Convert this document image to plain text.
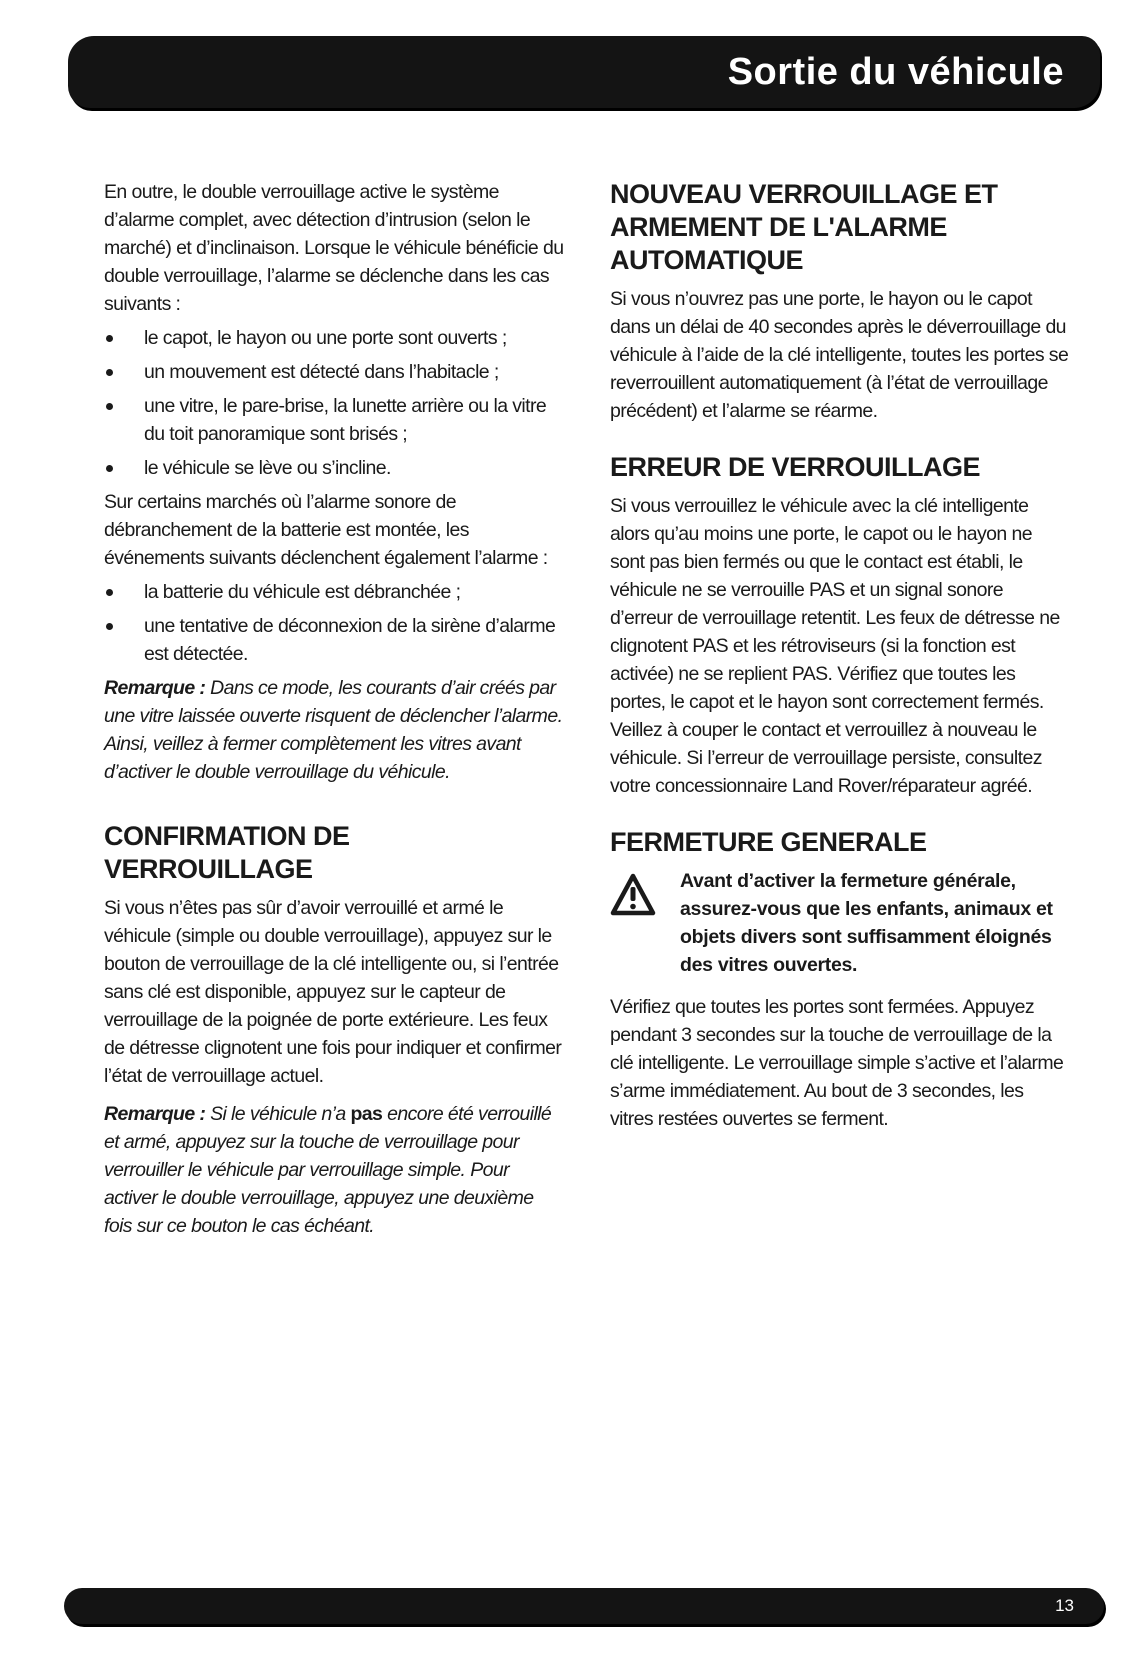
Sortie du véhicule

En outre, le double verrouillage active le système d’alarme complet, avec détection d’intrusion (selon le marché) et d’inclinaison. Lorsque le véhicule bénéficie du double verrouillage, l’alarme se déclenche dans les cas suivants :

le capot, le hayon ou une porte sont ouverts ;
un mouvement est détecté dans l’habitacle ;
une vitre, le pare-brise, la lunette arrière ou la vitre du toit panoramique sont brisés ;
le véhicule se lève ou s’incline.

Sur certains marchés où l’alarme sonore de débranchement de la batterie est montée, les événements suivants déclenchent également l’alarme :

la batterie du véhicule est débranchée ;
une tentative de déconnexion de la sirène d’alarme est détectée.

Remarque : Dans ce mode, les courants d’air créés par une vitre laissée ouverte risquent de déclencher l’alarme. Ainsi, veillez à fermer complètement les vitres avant d’activer le double verrouillage du véhicule.

CONFIRMATION DE VERROUILLAGE

Si vous n’êtes pas sûr d’avoir verrouillé et armé le véhicule (simple ou double verrouillage), appuyez sur le bouton de verrouillage de la clé intelligente ou, si l’entrée sans clé est disponible, appuyez sur le capteur de verrouillage de la poignée de porte extérieure. Les feux de détresse clignotent une fois pour indiquer et confirmer l’état de verrouillage actuel.

Remarque : Si le véhicule n’a pas encore été verrouillé et armé, appuyez sur la touche de verrouillage pour verrouiller le véhicule par verrouillage simple. Pour activer le double verrouillage, appuyez une deuxième fois sur ce bouton le cas échéant.

NOUVEAU VERROUILLAGE ET ARMEMENT DE L'ALARME AUTOMATIQUE

Si vous n’ouvrez pas une porte, le hayon ou le capot dans un délai de 40 secondes après le déverrouillage du véhicule à l’aide de la clé intelligente, toutes les portes se reverrouillent automatiquement (à l’état de verrouillage précédent) et l’alarme se réarme.

ERREUR DE VERROUILLAGE

Si vous verrouillez le véhicule avec la clé intelligente alors qu’au moins une porte, le capot ou le hayon ne sont pas bien fermés ou que le contact est établi, le véhicule ne se verrouille PAS et un signal sonore d’erreur de verrouillage retentit. Les feux de détresse ne clignotent PAS et les rétroviseurs (si la fonction est activée) ne se replient PAS. Vérifiez que toutes les portes, le capot et le hayon sont correctement fermés. Veillez à couper le contact et verrouillez à nouveau le véhicule. Si l’erreur de verrouillage persiste, consultez votre concessionnaire Land Rover/réparateur agréé.

FERMETURE GENERALE

Avant d’activer la fermeture générale, assurez-vous que les enfants, animaux et objets divers sont suffisamment éloignés des vitres ouvertes.

Vérifiez que toutes les portes sont fermées. Appuyez pendant 3 secondes sur la touche de verrouillage de la clé intelligente. Le verrouillage simple s’active et l’alarme s’arme immédiatement. Au bout de 3 secondes, les vitres restées ouvertes se ferment.

13
